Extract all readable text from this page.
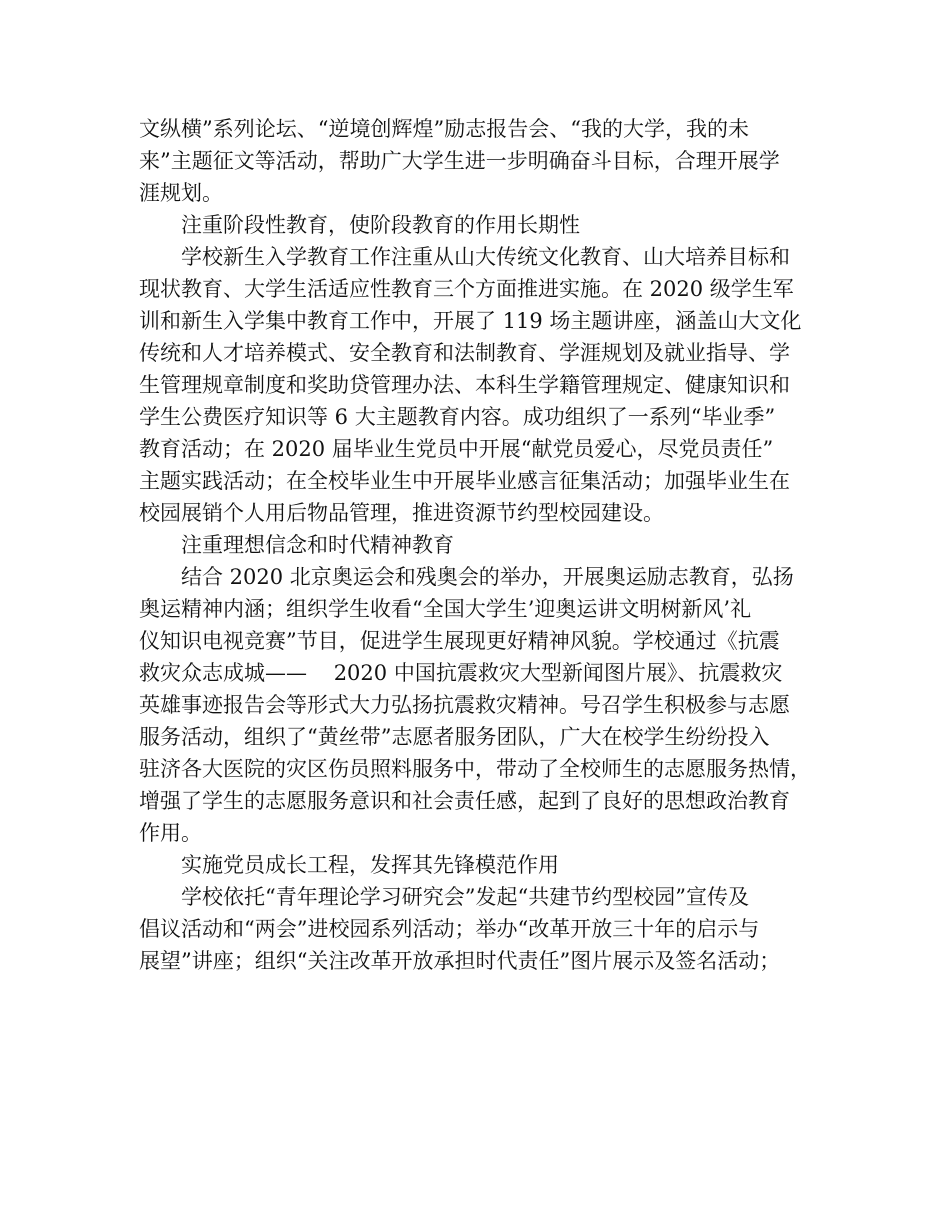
文纵横”系列论坛、“逆境创辉煌”励志报告会、“我的大学，我的未
来”主题征文等活动，帮助广大学生进一步明确奋斗目标，合理开展学
涯规划。
注重阶段性教育，使阶段教育的作用长期性
学校新生入学教育工作注重从山大传统文化教育、山大培养目标和
现状教育、大学生活适应性教育三个方面推进实施。在 2020 级学生军
训和新生入学集中教育工作中，开展了 119 场主题讲座，涵盖山大文化
传统和人才培养模式、安全教育和法制教育、学涯规划及就业指导、学
生管理规章制度和奖助贷管理办法、本科生学籍管理规定、健康知识和
学生公费医疗知识等 6 大主题教育内容。成功组织了一系列“毕业季”
教育活动；在 2020 届毕业生党员中开展“献党员爱心，尽党员责任”
主题实践活动；在全校毕业生中开展毕业感言征集活动；加强毕业生在
校园展销个人用后物品管理，推进资源节约型校园建设。
注重理想信念和时代精神教育
结合 2020 北京奥运会和残奥会的举办，开展奥运励志教育，弘扬
奥运精神内涵；组织学生收看“全国大学生’迎奥运讲文明树新风’礼
仪知识电视竞赛”节目，促进学生展现更好精神风貌。学校通过《抗震
救灾众志成城——    2020 中国抗震救灾大型新闻图片展》、抗震救灾
英雄事迹报告会等形式大力弘扬抗震救灾精神。号召学生积极参与志愿
服务活动，组织了“黄丝带”志愿者服务团队，广大在校学生纷纷投入
驻济各大医院的灾区伤员照料服务中，带动了全校师生的志愿服务热情，
增强了学生的志愿服务意识和社会责任感，起到了良好的思想政治教育
作用。
实施党员成长工程，发挥其先锋模范作用
学校依托“青年理论学习研究会”发起“共建节约型校园”宣传及
倡议活动和“两会”进校园系列活动；举办“改革开放三十年的启示与
展望”讲座；组织“关注改革开放承担时代责任”图片展示及签名活动；
